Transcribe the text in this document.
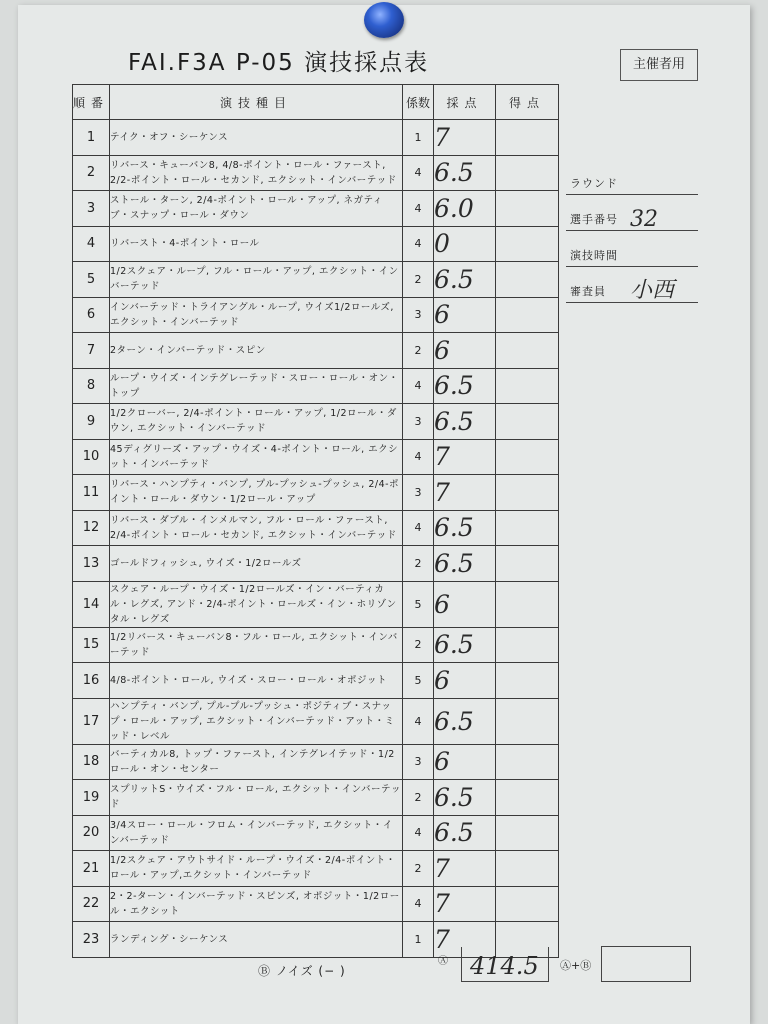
FAI.F3A P-05 演技採点表	主催者用
順番	演技種目	係数	採点	得点
1	テイク・オフ・シーケンス	1	7	
2	リバース・キューバン8, 4/8-ポイント・ロール・ファースト, 2/2-ポイント・ロール・セカンド, エクシット・インバーテッド	4	6.5	
3	ストール・ターン, 2/4-ポイント・ロール・アップ, ネガティブ・スナップ・ロール・ダウン	4	6.0	
4	リバースト・4-ポイント・ロール	4	0	
5	1/2スクェア・ループ, フル・ロール・アップ, エクシット・インバーテッド	2	6.5	
6	インバーテッド・トライアングル・ループ, ウイズ1/2ロールズ, エクシット・インバーテッド	3	6	
7	2ターン・インバーテッド・スピン	2	6	
8	ループ・ウイズ・インテグレーテッド・スロー・ロール・オン・トップ	4	6.5	
9	1/2クローバー, 2/4-ポイント・ロール・アップ, 1/2ロール・ダウン, エクシット・インバーテッド	3	6.5	
10	45ディグリーズ・アップ・ウイズ・4-ポイント・ロール, エクシット・インバーテッド	4	7	
11	リバース・ハンプティ・バンプ, プル-プッシュ-プッシュ, 2/4-ポイント・ロール・ダウン・1/2ロール・アップ	3	7	
12	リバース・ダブル・インメルマン, フル・ロール・ファースト, 2/4-ポイント・ロール・セカンド, エクシット・インバーテッド	4	6.5	
13	ゴールドフィッシュ, ウイズ・1/2ロールズ	2	6.5	
14	スクェア・ループ・ウイズ・1/2ロールズ・イン・バーティカル・レグズ, アンド・2/4-ポイント・ロールズ・イン・ホリゾンタル・レグズ	5	6	
15	1/2リバース・キューバン8・フル・ロール, エクシット・インバーテッド	2	6.5	
16	4/8-ポイント・ロール, ウイズ・スロー・ロール・オポジット	5	6	
17	ハンプティ・バンプ, プル-プル-プッシュ・ポジティブ・スナップ・ロール・アップ, エクシット・インバーテッド・アット・ミッド・レベル	4	6.5	
18	バーティカル8, トップ・ファースト, インテグレイテッド・1/2ロール・オン・センター	3	6	
19	スプリットS・ウイズ・フル・ロール, エクシット・インバーテッド	2	6.5	
20	3/4スロー・ロール・フロム・インバーテッド, エクシット・インバーテッド	4	6.5	
21	1/2スクェア・アウトサイド・ループ・ウイズ・2/4-ポイント・ロール・アップ,エクシット・インバーテッド	2	7	
22	2・2-ターン・インバーテッド・スピンズ, オポジット・1/2ロール・エクシット	4	7	
23	ランディング・シーケンス	1	7	
ラウンド
選手番号 32
演技時間
審査員 小西
Ⓑ ノイズ (− )
Ⓐ 414.5	Ⓐ+Ⓑ
